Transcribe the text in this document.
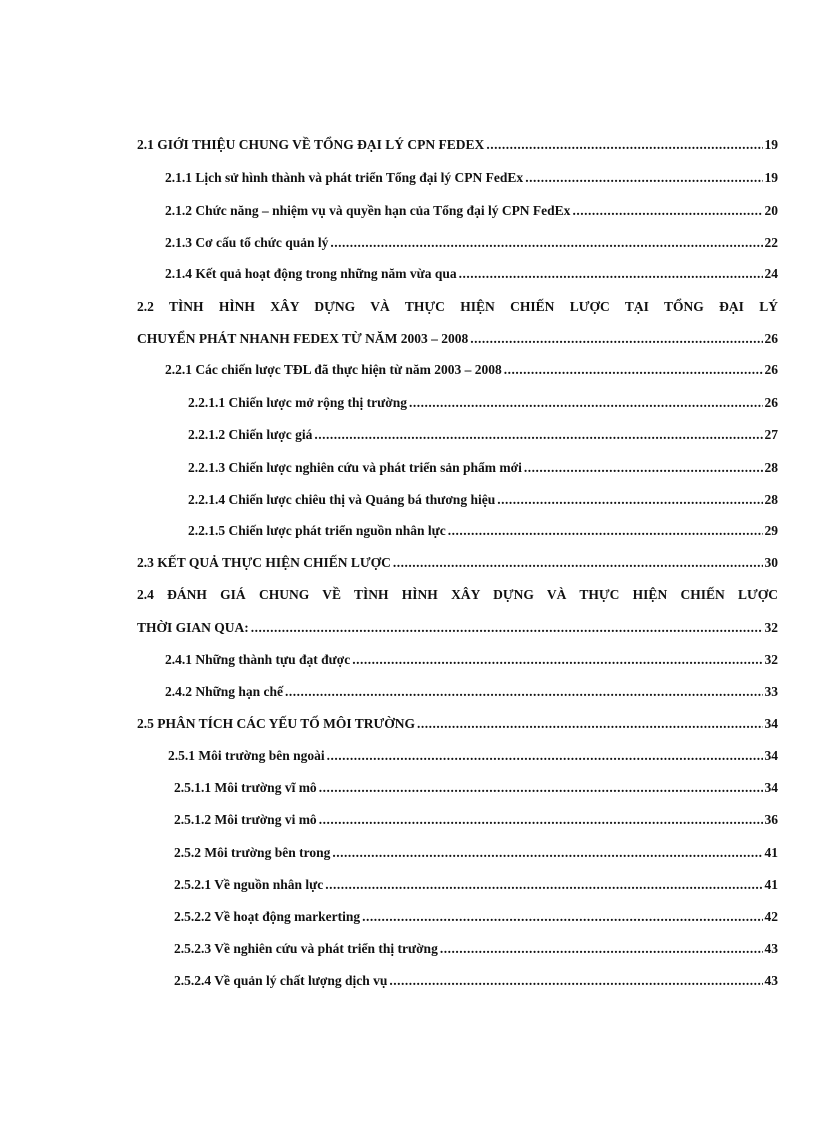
2.1 GIỚI THIỆU CHUNG VỀ TỔNG ĐẠI LÝ CPN FEDEX .....	19
2.1.1 Lịch sử hình thành và phát triển Tổng đại lý CPN FedEx .....	19
2.1.2 Chức năng – nhiệm vụ và quyền hạn của Tổng đại lý CPN FedEx .....	20
2.1.3 Cơ cấu tổ chức quản lý .....	22
2.1.4 Kết quả hoạt động trong những năm vừa qua .....	24
2.2 TÌNH HÌNH XÂY DỰNG VÀ THỰC HIỆN CHIẾN LƯỢC TẠI TỔNG ĐẠI LÝ
CHUYỂN PHÁT NHANH FEDEX TỪ NĂM 2003 – 2008 .....	26
2.2.1 Các chiến lược TĐL đã thực hiện từ năm 2003 – 2008 .....	26
2.2.1.1 Chiến lược mở rộng thị trường .....	26
2.2.1.2 Chiến lược giá .....	27
2.2.1.3 Chiến lược nghiên cứu và phát triển sản phẩm mới .....	28
2.2.1.4 Chiến lược chiêu thị và Quảng bá thương hiệu .....	28
2.2.1.5 Chiến lược phát triển nguồn nhân lực .....	29
2.3 KẾT QUẢ THỰC HIỆN CHIẾN LƯỢC .....	30
2.4 ĐÁNH GIÁ CHUNG VỀ TÌNH HÌNH XÂY DỰNG VÀ THỰC HIỆN CHIẾN LƯỢC
THỜI GIAN QUA: .....	32
2.4.1 Những thành tựu đạt được .....	32
2.4.2 Những hạn chế .....	33
2.5 PHÂN TÍCH CÁC YẾU TỐ MÔI TRƯỜNG .....	34
2.5.1 Môi trường bên ngoài .....	34
2.5.1.1 Môi trường vĩ mô .....	34
2.5.1.2 Môi trường vi mô .....	36
2.5.2 Môi trường bên trong .....	41
2.5.2.1 Về nguồn nhân lực .....	41
2.5.2.2 Về hoạt động markerting .....	42
2.5.2.3 Về nghiên cứu và phát triển thị trường .....	43
2.5.2.4 Về quản lý chất lượng dịch vụ .....	43
